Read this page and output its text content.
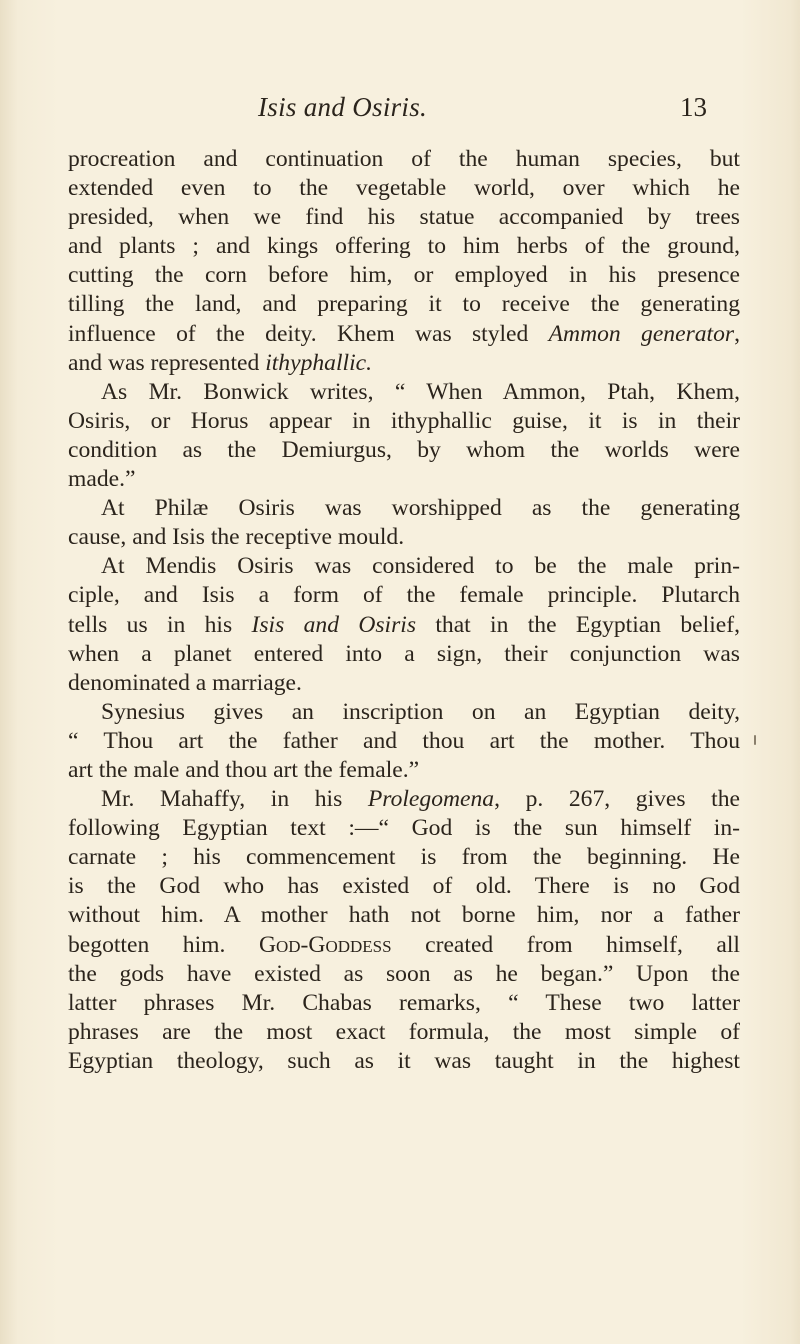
Isis and Osiris.	13
procreation and continuation of the human species, but
extended even to the vegetable world, over which he
presided, when we find his statue accompanied by trees
and plants ; and kings offering to him herbs of the ground,
cutting the corn before him, or employed in his presence
tilling the land, and preparing it to receive the generating
influence of the deity. Khem was styled Ammon generator,
and was represented ithyphallic.
As Mr. Bonwick writes, “ When Ammon, Ptah, Khem,
Osiris, or Horus appear in ithyphallic guise, it is in their
condition as the Demiurgus, by whom the worlds were
made.”
At Philæ Osiris was worshipped as the generating
cause, and Isis the receptive mould.
At Mendis Osiris was considered to be the male prin-
ciple, and Isis a form of the female principle. Plutarch
tells us in his Isis and Osiris that in the Egyptian belief,
when a planet entered into a sign, their conjunction was
denominated a marriage.
Synesius gives an inscription on an Egyptian deity,
“ Thou art the father and thou art the mother. Thou
art the male and thou art the female.”
Mr. Mahaffy, in his Prolegomena, p. 267, gives the
following Egyptian text :—“ God is the sun himself in-
carnate ; his commencement is from the beginning. He
is the God who has existed of old. There is no God
without him. A mother hath not borne him, nor a father
begotten him. God-Goddess created from himself, all
the gods have existed as soon as he began.” Upon the
latter phrases Mr. Chabas remarks, “ These two latter
phrases are the most exact formula, the most simple of
Egyptian theology, such as it was taught in the highest
